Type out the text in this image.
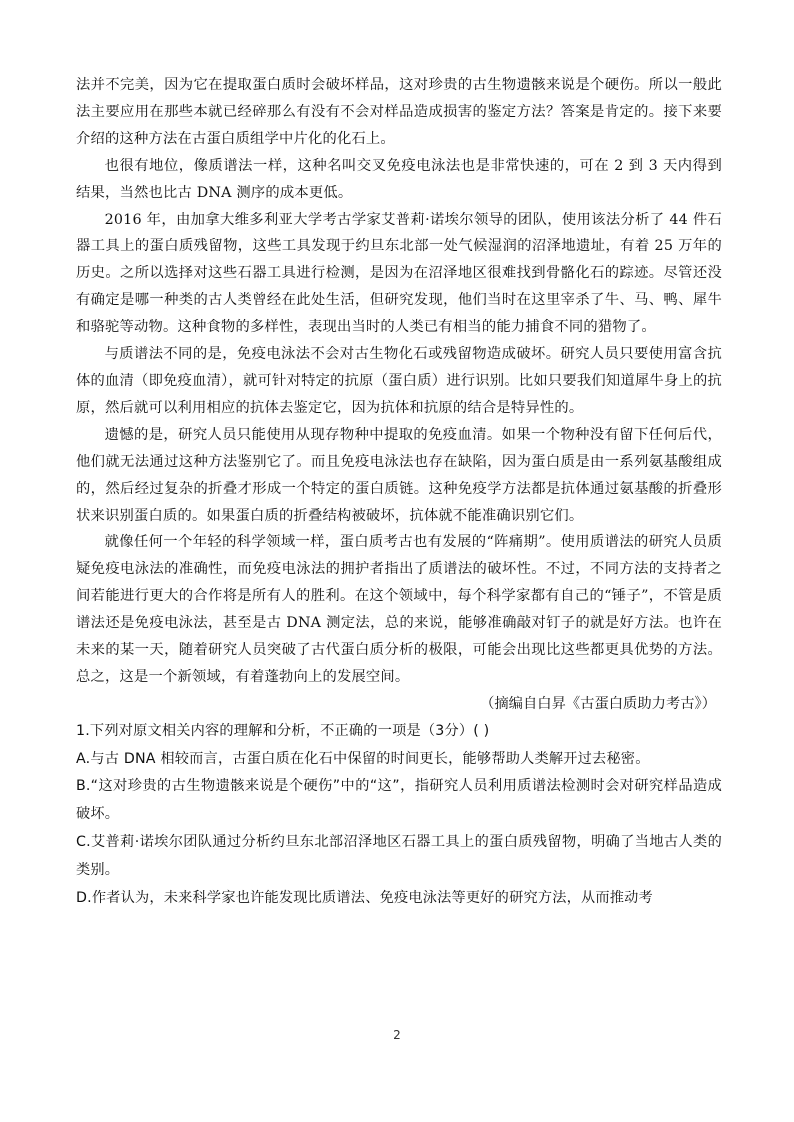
法并不完美，因为它在提取蛋白质时会破坏样品，这对珍贵的古生物遗骸来说是个硬伤。所以一般此法主要应用在那些本就已经碎那么有没有不会对样品造成损害的鉴定方法？答案是肯定的。接下来要介绍的这种方法在古蛋白质组学中片化的化石上。

也很有地位，像质谱法一样，这种名叫交叉免疫电泳法也是非常快速的，可在 2 到 3 天内得到结果，当然也比古 DNA 测序的成本更低。

2016 年，由加拿大维多利亚大学考古学家艾普莉·诺埃尔领导的团队，使用该法分析了 44 件石器工具上的蛋白质残留物，这些工具发现于约旦东北部一处气候湿润的沼泽地遗址，有着 25 万年的历史。之所以选择对这些石器工具进行检测，是因为在沼泽地区很难找到骨骼化石的踪迹。尽管还没有确定是哪一种类的古人类曾经在此处生活，但研究发现，他们当时在这里宰杀了牛、马、鸭、犀牛和骆驼等动物。这种食物的多样性，表现出当时的人类已有相当的能力捕食不同的猎物了。

与质谱法不同的是，免疫电泳法不会对古生物化石或残留物造成破坏。研究人员只要使用富含抗体的血清（即免疫血清），就可针对特定的抗原（蛋白质）进行识别。比如只要我们知道犀牛身上的抗原，然后就可以利用相应的抗体去鉴定它，因为抗体和抗原的结合是特异性的。

遗憾的是，研究人员只能使用从现存物种中提取的免疫血清。如果一个物种没有留下任何后代，他们就无法通过这种方法鉴别它了。而且免疫电泳法也存在缺陷，因为蛋白质是由一系列氨基酸组成的，然后经过复杂的折叠才形成一个特定的蛋白质链。这种免疫学方法都是抗体通过氨基酸的折叠形状来识别蛋白质的。如果蛋白质的折叠结构被破坏，抗体就不能准确识别它们。

就像任何一个年轻的科学领域一样，蛋白质考古也有发展的“阵痛期”。使用质谱法的研究人员质疑免疫电泳法的准确性，而免疫电泳法的拥护者指出了质谱法的破坏性。不过，不同方法的支持者之间若能进行更大的合作将是所有人的胜利。在这个领域中，每个科学家都有自己的“锤子”，不管是质谱法还是免疫电泳法，甚至是古 DNA 测定法，总的来说，能够准确敲对钉子的就是好方法。也许在未来的某一天，随着研究人员突破了古代蛋白质分析的极限，可能会出现比这些都更具优势的方法。总之，这是一个新领域，有着蓬勃向上的发展空间。

（摘编自白昇《古蛋白质助力考古》）

1.下列对原文相关内容的理解和分析，不正确的一项是（3分）( )

A.与古 DNA 相较而言，古蛋白质在化石中保留的时间更长，能够帮助人类解开过去秘密。

B.“这对珍贵的古生物遗骸来说是个硬伤”中的“这”，指研究人员利用质谱法检测时会对研究样品造成破坏。

C.艾普莉·诺埃尔团队通过分析约旦东北部沼泽地区石器工具上的蛋白质残留物，明确了当地古人类的类别。

D.作者认为，未来科学家也许能发现比质谱法、免疫电泳法等更好的研究方法，从而推动考

2
